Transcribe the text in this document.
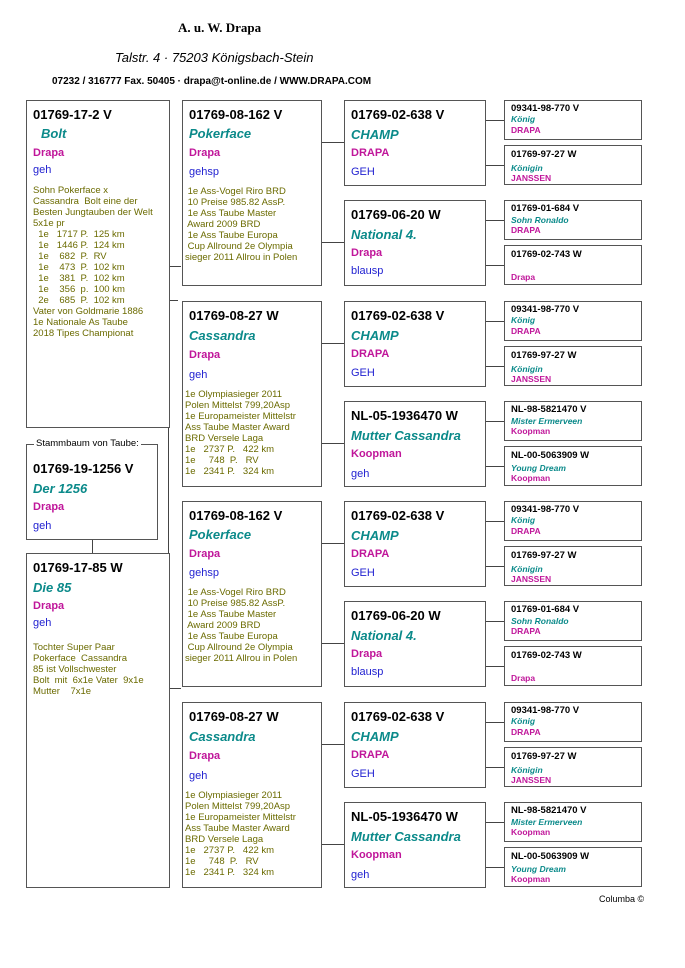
A. u. W. Drapa
Talstr. 4 · 75203 Königsbach-Stein
07232 / 316777 Fax. 50405 · drapa@t-online.de / WWW.DRAPA.COM
01769-17-2 V
Bolt
Drapa
geh
Sohn Pokerface x
Cassandra  Bolt eine der
Besten Jungtauben der Welt
5x1e pr
1e   1717 P.  125 km
1e   1446 P.  124 km
1e    682  P.  RV
1e    473  P.  102 km
1e    381  P.  102 km
1e    356  p.  100 km
2e    685  P.  102 km
Vater von Goldmarie 1886
1e Nationale As Taube
2018 Tipes Championat
01769-19-1256 V
Der 1256
Drapa
geh
Stammbaum von Taube:
01769-17-85 W
Die 85
Drapa
geh
Tochter Super Paar
Pokerface  Cassandra
85 ist Vollschwester
Bolt  mit  6x1e Vater  9x1e
Mutter    7x1e
01769-08-162 V
Pokerface
Drapa
gehsp
1e Ass-Vogel Riro BRD
10 Preise 985.82 AssP.
1e Ass Taube Master
Award 2009 BRD
1e Ass Taube Europa
Cup Allround 2e Olympia
sieger 2011 Allrou in Polen
01769-08-27 W
Cassandra
Drapa
geh
1e Olympiasieger 2011
Polen Mittelst 799,20Asp
1e Europameister Mittelstr
Ass Taube Master Award
BRD Versele Laga
1e   2737 P.   422 km
1e     748  P.   RV
1e   2341 P.   324 km
01769-08-162 V
Pokerface
Drapa
gehsp
1e Ass-Vogel Riro BRD
10 Preise 985.82 AssP.
1e Ass Taube Master
Award 2009 BRD
1e Ass Taube Europa
Cup Allround 2e Olympia
sieger 2011 Allrou in Polen
01769-08-27 W
Cassandra
Drapa
geh
1e Olympiasieger 2011
Polen Mittelst 799,20Asp
1e Europameister Mittelstr
Ass Taube Master Award
BRD Versele Laga
1e   2737 P.   422 km
1e     748  P.   RV
1e   2341 P.   324 km
01769-02-638 V
CHAMP
DRAPA
GEH
01769-06-20 W
National 4.
Drapa
blausp
01769-02-638 V
CHAMP
DRAPA
GEH
NL-05-1936470 W
Mutter Cassandra
Koopman
geh
01769-02-638 V
CHAMP
DRAPA
GEH
01769-06-20 W
National 4.
Drapa
blausp
01769-02-638 V
CHAMP
DRAPA
GEH
NL-05-1936470 W
Mutter Cassandra
Koopman
geh
09341-98-770 V
König
DRAPA
01769-97-27 W
Königin
JANSSEN
01769-01-684 V
Sohn Ronaldo
DRAPA
01769-02-743 W
Drapa
09341-98-770 V
König
DRAPA
01769-97-27 W
Königin
JANSSEN
NL-98-5821470 V
Mister Ermerveen
Koopman
NL-00-5063909 W
Young Dream
Koopman
09341-98-770 V
König
DRAPA
01769-97-27 W
Königin
JANSSEN
01769-01-684 V
Sohn Ronaldo
DRAPA
01769-02-743 W
Drapa
09341-98-770 V
König
DRAPA
01769-97-27 W
Königin
JANSSEN
NL-98-5821470 V
Mister Ermerveen
Koopman
NL-00-5063909 W
Young Dream
Koopman
Columba ©
